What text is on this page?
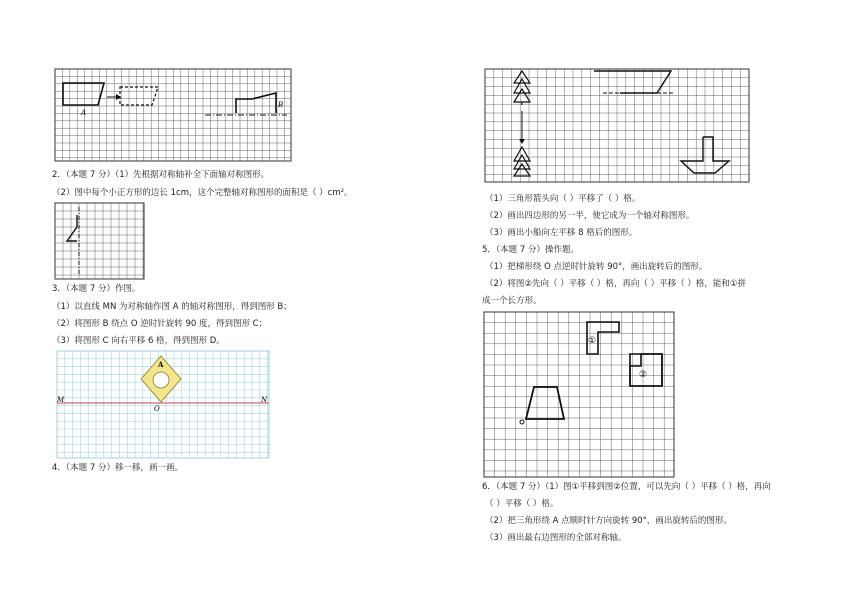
A
B
2．（本题 7 分）（1）先根据对称轴补全下面轴对称图形。
（2）图中每个小正方形的边长 1cm，这个完整轴对称图形的面积是（ ）cm²。
3．（本题 7 分）作图。
（1）以直线 MN 为对称轴作图 A 的轴对称图形，得到图形 B；
（2）将图形 B 绕点 O 逆时针旋转 90 度，得到图形 C；
（3）将图形 C 向右平移 6 格，得到图形 D。
A
M	N
O
4．（本题 7 分）移一移，画一画。
（1）三角形箭头向（ ）平移了（ ）格。
（2）画出四边形的另一半，使它成为一个轴对称图形。
（3）画出小船向左平移 8 格后的图形。
5．（本题 7 分）操作题。
（1）把梯形绕 O 点逆时针旋转 90°，画出旋转后的图形。
（2）将图②先向（ ）平移（ ）格，再向（ ）平移（ ）格，能和①拼
成一个长方形。
①
②
6．（本题 7 分）（1）图①平移到图②位置，可以先向（ ）平移（ ）格，再向
（ ）平移（ ）格。
（2）把三角形绕 A 点顺时针方向旋转 90°，画出旋转后的图形。
（3）画出最右边图形的全部对称轴。
